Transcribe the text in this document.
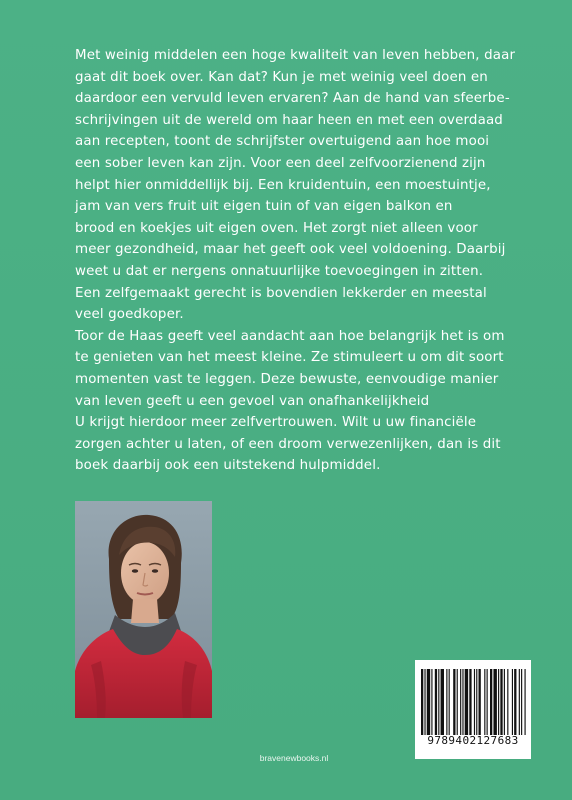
Met weinig middelen een hoge kwaliteit van leven hebben, daar
gaat dit boek over. Kan dat? Kun je met weinig veel doen en
daardoor een vervuld leven ervaren? Aan de hand van sfeerbe-
schrijvingen uit de wereld om haar heen en met een overdaad
aan recepten, toont de schrijfster overtuigend aan hoe mooi
een sober leven kan zijn. Voor een deel zelfvoorzienend zijn
helpt hier onmiddellijk bij. Een kruidentuin, een moestuintje,
jam van vers fruit uit eigen tuin of van eigen balkon en
brood en koekjes uit eigen oven. Het zorgt niet alleen voor
meer gezondheid, maar het geeft ook veel voldoening. Daarbij
weet u dat er nergens onnatuurlijke toevoegingen in zitten.
Een zelfgemaakt gerecht is bovendien lekkerder en meestal
veel goedkoper.
Toor de Haas geeft veel aandacht aan hoe belangrijk het is om
te genieten van het meest kleine. Ze stimuleert u om dit soort
momenten vast te leggen. Deze bewuste, eenvoudige manier
van leven geeft u een gevoel van onafhankelijkheid
U krijgt hierdoor meer zelfvertrouwen. Wilt u uw financiële
zorgen achter u laten, of een droom verwezenlijken, dan is dit
boek daarbij ook een uitstekend hulpmiddel.
9789402127683
bravenewbooks.nl
